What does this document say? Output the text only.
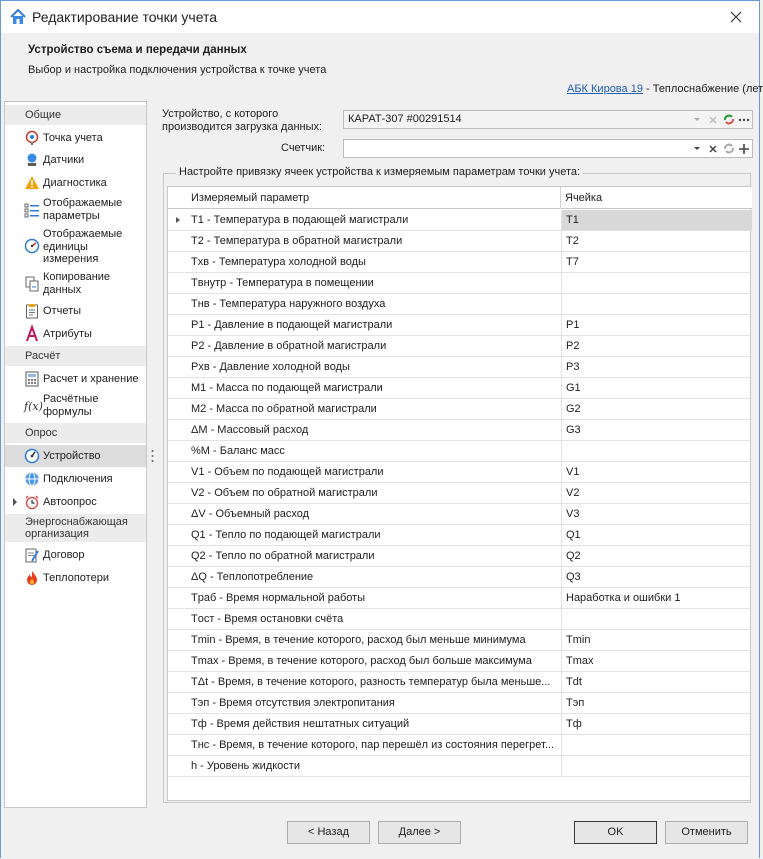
Редактирование точки учета
Устройство съема и передачи данных
Выбор и настройка подключения устройства к точке учета
АБК Кирова 19 - Теплоснабжение (лет
Общие
Точка учета
Датчики
Диагностика
Отображаемые параметры
Отображаемые единицы измерения
Копирование данных
Отчеты
Атрибуты
Расчёт
Расчет и хранение
f(x)
Расчётные формулы
Опрос
Устройство
Подключения
Автоопрос
Энергоснабжающая организация
Договор
Теплопотери
Устройство, с которого производится загрузка данных:
КАРАТ-307 #00291514
Счетчик:
Настройте привязку ячеек устройства к измеряемым параметрам точки учета:
Измеряемый параметр	Ячейка
T1 - Температура в подающей магистрали	T1
T2 - Температура в обратной магистрали	T2
Tхв - Температура холодной воды	T7
Tвнутр - Температура в помещении
Tнв - Температура наружного воздуха
P1 - Давление в подающей магистрали	P1
P2 - Давление в обратной магистрали	P2
Pхв - Давление холодной воды	P3
M1 - Масса по подающей магистрали	G1
M2 - Масса по обратной магистрали	G2
ΔM - Массовый расход	G3
%M - Баланс масс
V1 - Объем по подающей магистрали	V1
V2 - Объем по обратной магистрали	V2
ΔV - Объемный расход	V3
Q1 - Тепло по подающей магистрали	Q1
Q2 - Тепло по обратной магистрали	Q2
ΔQ - Теплопотребление	Q3
Tраб - Время нормальной работы	Наработка и ошибки 1
Tост - Время остановки счёта
Tmin - Время, в течение которого, расход был меньше минимума	Tmin
Tmax - Время, в течение которого, расход был больше максимума	Tmax
TΔt - Время, в течение которого, разность температур была меньше...	Tdt
Tэп - Время отсутствия электропитания	Tэп
Tф - Время действия нештатных ситуаций	Tф
Tнс - Время, в течение которого, пар перешёл из состояния перегрет...
h - Уровень жидкости
< Назад	Далее >	OK	Отменить
